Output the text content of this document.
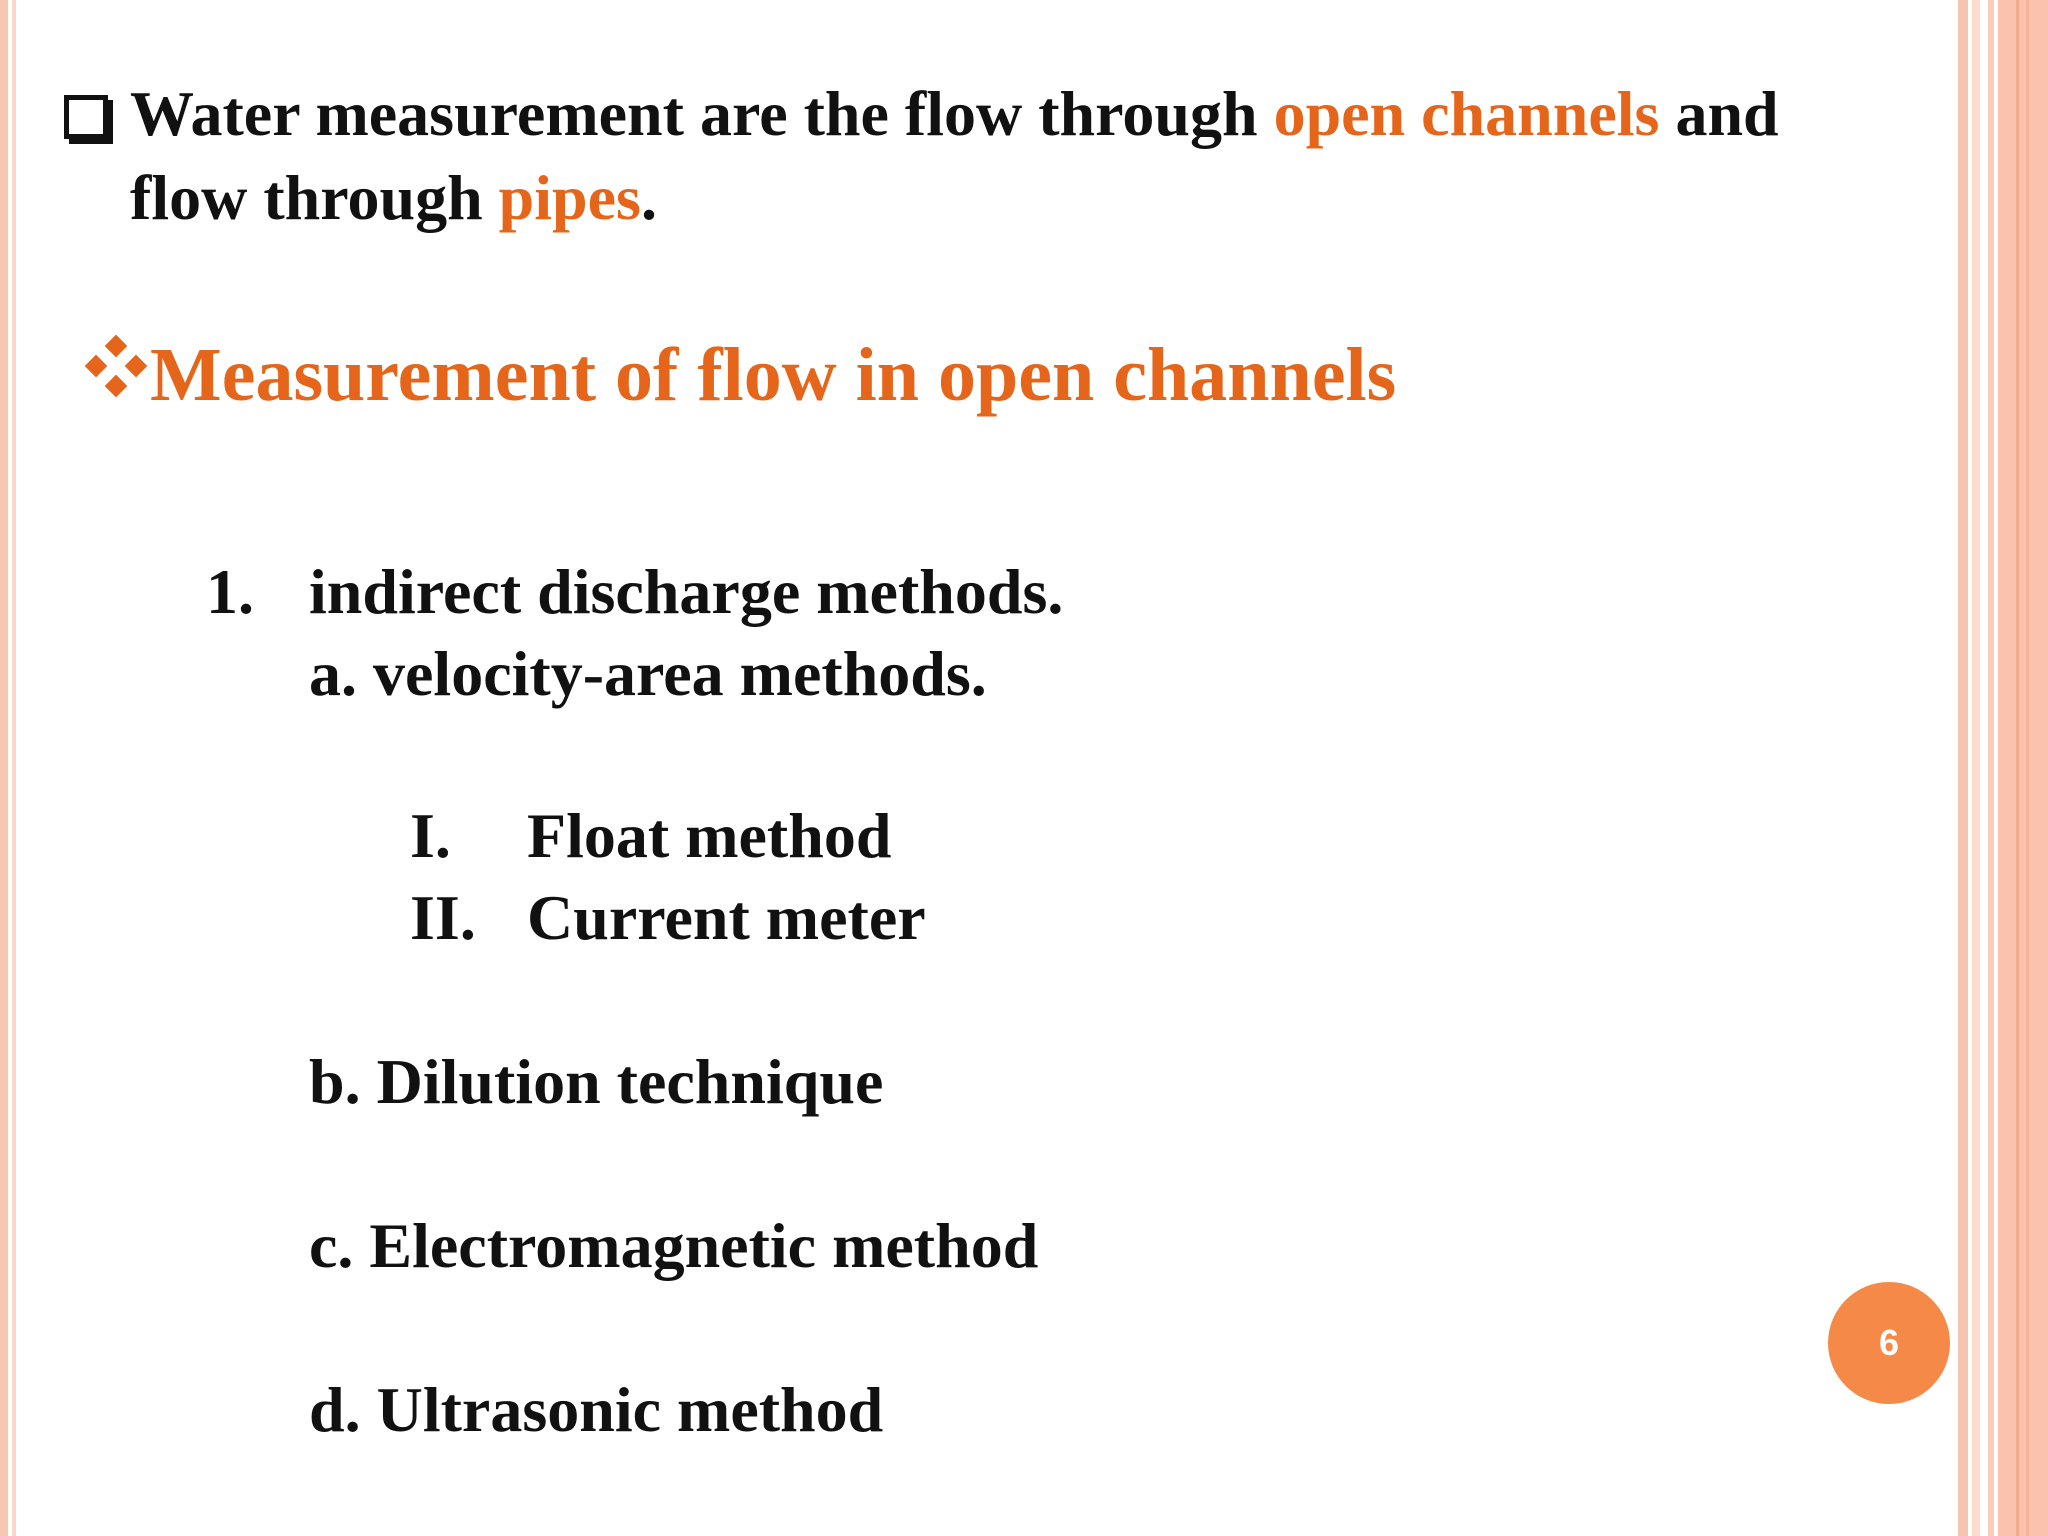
Water measurement are the flow through open channels and
flow through pipes.
Measurement of flow in open channels
1. indirect discharge methods.
a. velocity-area methods.
I. Float method
II. Current meter
b. Dilution technique
c. Electromagnetic method
d. Ultrasonic method
6
